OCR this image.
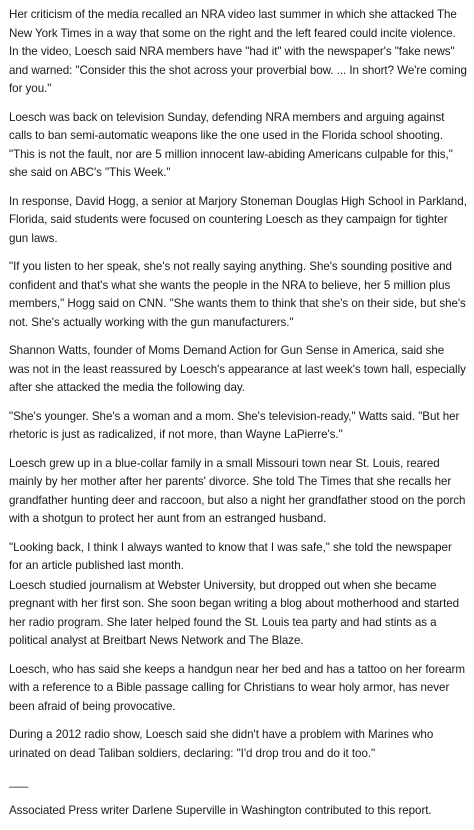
Her criticism of the media recalled an NRA video last summer in which she attacked The New York Times in a way that some on the right and the left feared could incite violence. In the video, Loesch said NRA members have "had it" with the newspaper's "fake news" and warned: "Consider this the shot across your proverbial bow. ... In short? We're coming for you."

Loesch was back on television Sunday, defending NRA members and arguing against calls to ban semi-automatic weapons like the one used in the Florida school shooting. "This is not the fault, nor are 5 million innocent law-abiding Americans culpable for this," she said on ABC's "This Week."

In response, David Hogg, a senior at Marjory Stoneman Douglas High School in Parkland, Florida, said students were focused on countering Loesch as they campaign for tighter gun laws.

"If you listen to her speak, she's not really saying anything. She's sounding positive and confident and that's what she wants the people in the NRA to believe, her 5 million plus members," Hogg said on CNN. "She wants them to think that she's on their side, but she's not. She's actually working with the gun manufacturers."

Shannon Watts, founder of Moms Demand Action for Gun Sense in America, said she was not in the least reassured by Loesch's appearance at last week's town hall, especially after she attacked the media the following day.

"She's younger. She's a woman and a mom. She's television-ready," Watts said. "But her rhetoric is just as radicalized, if not more, than Wayne LaPierre's."

Loesch grew up in a blue-collar family in a small Missouri town near St. Louis, reared mainly by her mother after her parents' divorce. She told The Times that she recalls her grandfather hunting deer and raccoon, but also a night her grandfather stood on the porch with a shotgun to protect her aunt from an estranged husband.

"Looking back, I think I always wanted to know that I was safe," she told the newspaper for an article published last month.

Loesch studied journalism at Webster University, but dropped out when she became pregnant with her first son. She soon began writing a blog about motherhood and started her radio program. She later helped found the St. Louis tea party and had stints as a political analyst at Breitbart News Network and The Blaze.

Loesch, who has said she keeps a handgun near her bed and has a tattoo on her forearm with a reference to a Bible passage calling for Christians to wear holy armor, has never been afraid of being provocative.

During a 2012 radio show, Loesch said she didn't have a problem with Marines who urinated on dead Taliban soldiers, declaring: "I'd drop trou and do it too."

___

Associated Press writer Darlene Superville in Washington contributed to this report.
